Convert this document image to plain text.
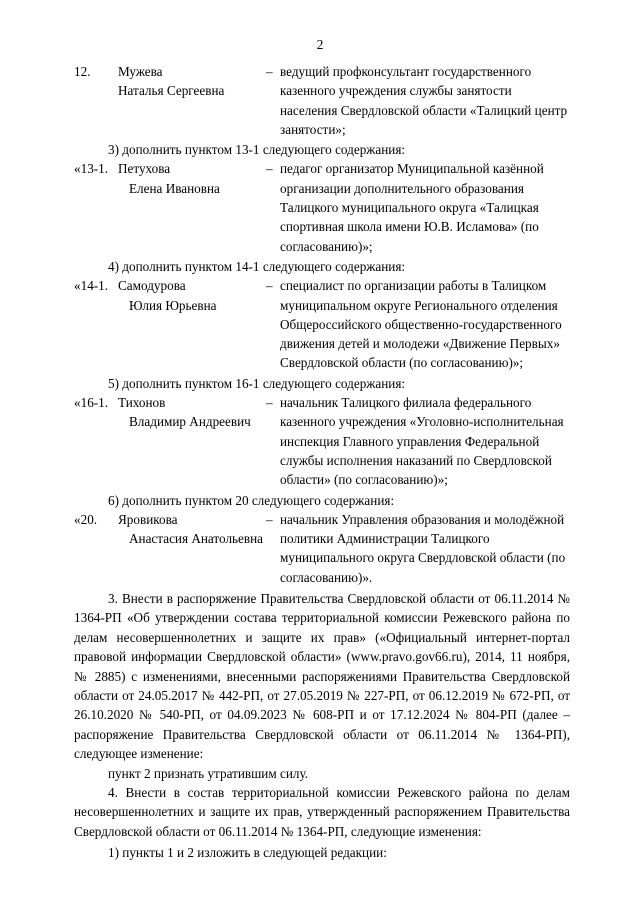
2
12.	Мужева
Наталья Сергеевна
– ведущий профконсультант государственного казенного учреждения службы занятости населения Свердловской области «Талицкий центр занятости»;
3) дополнить пунктом 13-1 следующего содержания:
«13-1. Петухова
Елена Ивановна
– педагог организатор Муниципальной казённой организации дополнительного образования Талицкого муниципального округа «Талицкая спортивная школа имени Ю.В. Исламова» (по согласованию)»;
4) дополнить пунктом 14-1 следующего содержания:
«14-1. Самодурова
Юлия Юрьевна
– специалист по организации работы в Талицком муниципальном округе Регионального отделения Общероссийского общественно-государственного движения детей и молодежи «Движение Первых» Свердловской области (по согласованию)»;
5) дополнить пунктом 16-1 следующего содержания:
«16-1. Тихонов
Владимир Андреевич
– начальник Талицкого филиала федерального казенного учреждения «Уголовно-исполнительная инспекция Главного управления Федеральной службы исполнения наказаний по Свердловской области» (по согласованию)»;
6) дополнить пунктом 20 следующего содержания:
«20.	Яровикова
Анастасия Анатольевна
– начальник Управления образования и молодёжной политики Администрации Талицкого муниципального округа Свердловской области (по согласованию)».

3. Внести в распоряжение Правительства Свердловской области от 06.11.2014 № 1364-РП «Об утверждении состава территориальной комиссии Режевского района по делам несовершеннолетних и защите их прав» («Официальный интернет-портал правовой информации Свердловской области» (www.pravo.gov66.ru), 2014, 11 ноября, № 2885) с изменениями, внесенными распоряжениями Правительства Свердловской области от 24.05.2017 № 442-РП, от 27.05.2019 № 227-РП, от 06.12.2019 № 672-РП, от 26.10.2020 № 540-РП, от 04.09.2023 № 608-РП и от 17.12.2024 № 804-РП (далее – распоряжение Правительства Свердловской области от 06.11.2014 № 1364-РП), следующее изменение:

пункт 2 признать утратившим силу.

4. Внести в состав территориальной комиссии Режевского района по делам несовершеннолетних и защите их прав, утвержденный распоряжением Правительства Свердловской области от 06.11.2014 № 1364-РП, следующие изменения:

1) пункты 1 и 2 изложить в следующей редакции:
